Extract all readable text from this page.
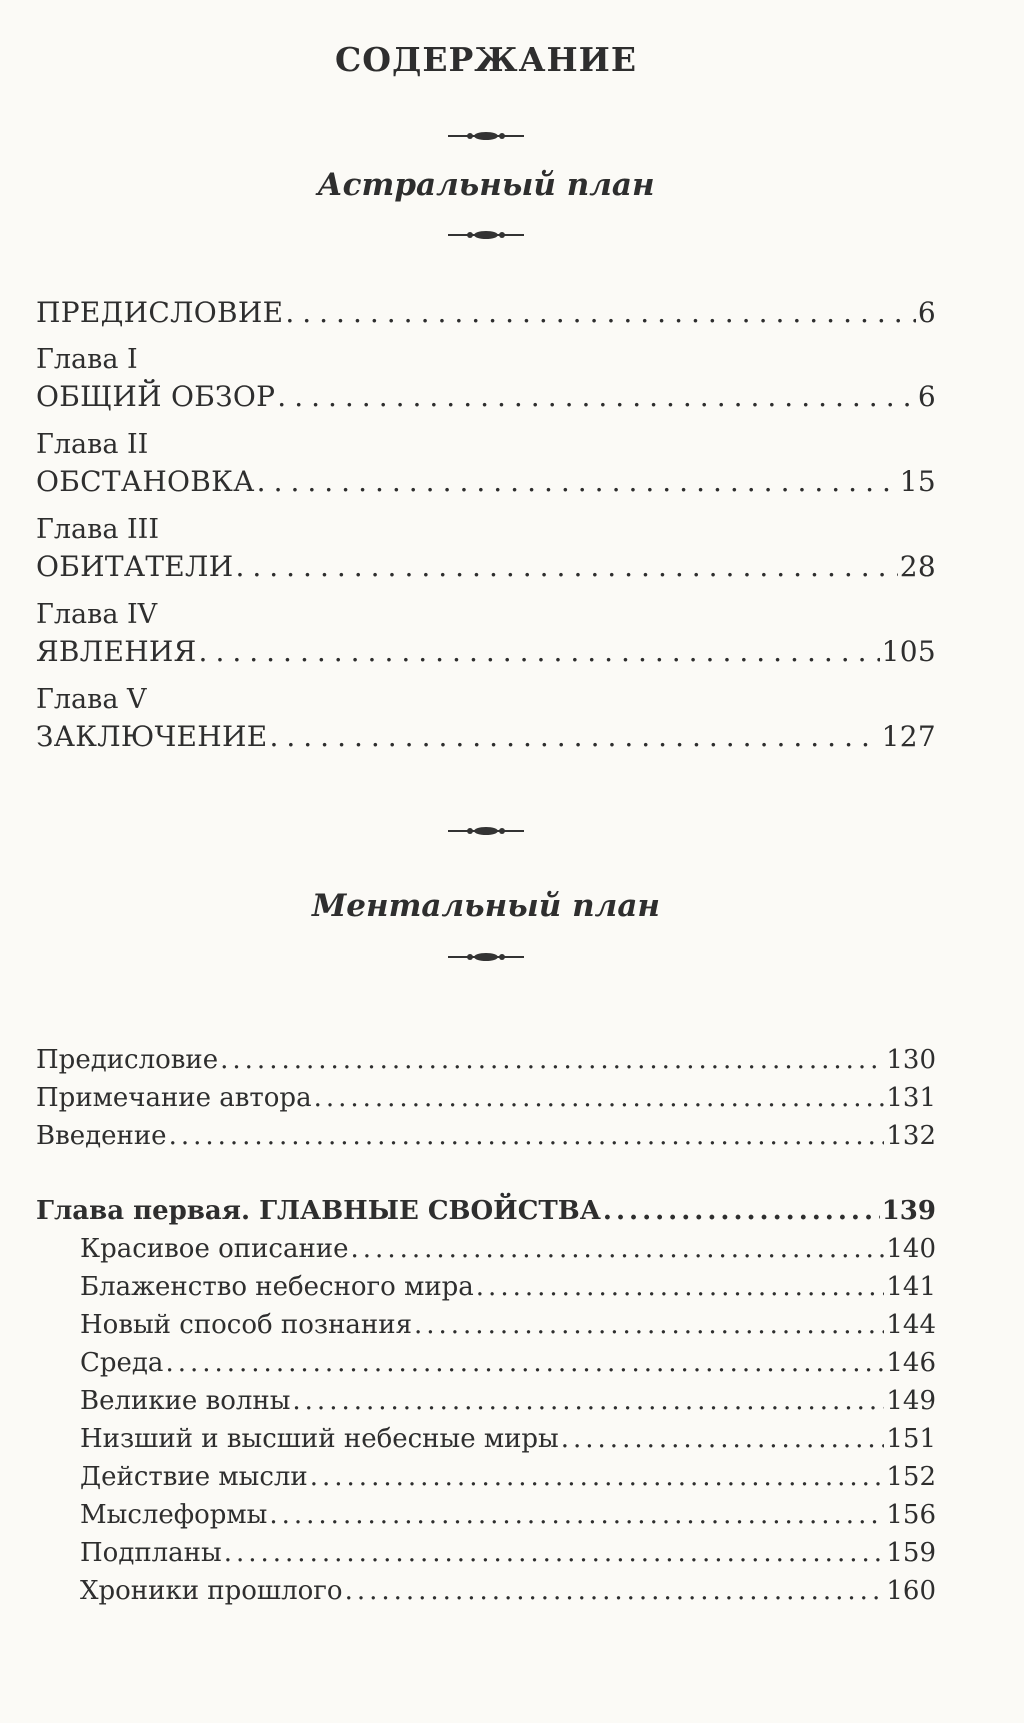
СОДЕРЖАНИЕ
Астральный план
ПРЕДИСЛОВИЕ .....	6
Глава I
ОБЩИЙ ОБЗОР .....	6
Глава II
ОБСТАНОВКА .....	15
Глава III
ОБИТАТЕЛИ .....	28
Глава IV
ЯВЛЕНИЯ .....	105
Глава V
ЗАКЛЮЧЕНИЕ .....	127
Ментальный план
Предисловие .....	130
Примечание автора .....	131
Введение .....	132
Глава первая. ГЛАВНЫЕ СВОЙСТВА .....	139
Красивое описание .....	140
Блаженство небесного мира .....	141
Новый способ познания .....	144
Среда .....	146
Великие волны .....	149
Низший и высший небесные миры .....	151
Действие мысли .....	152
Мыслеформы .....	156
Подпланы .....	159
Хроники прошлого .....	160
